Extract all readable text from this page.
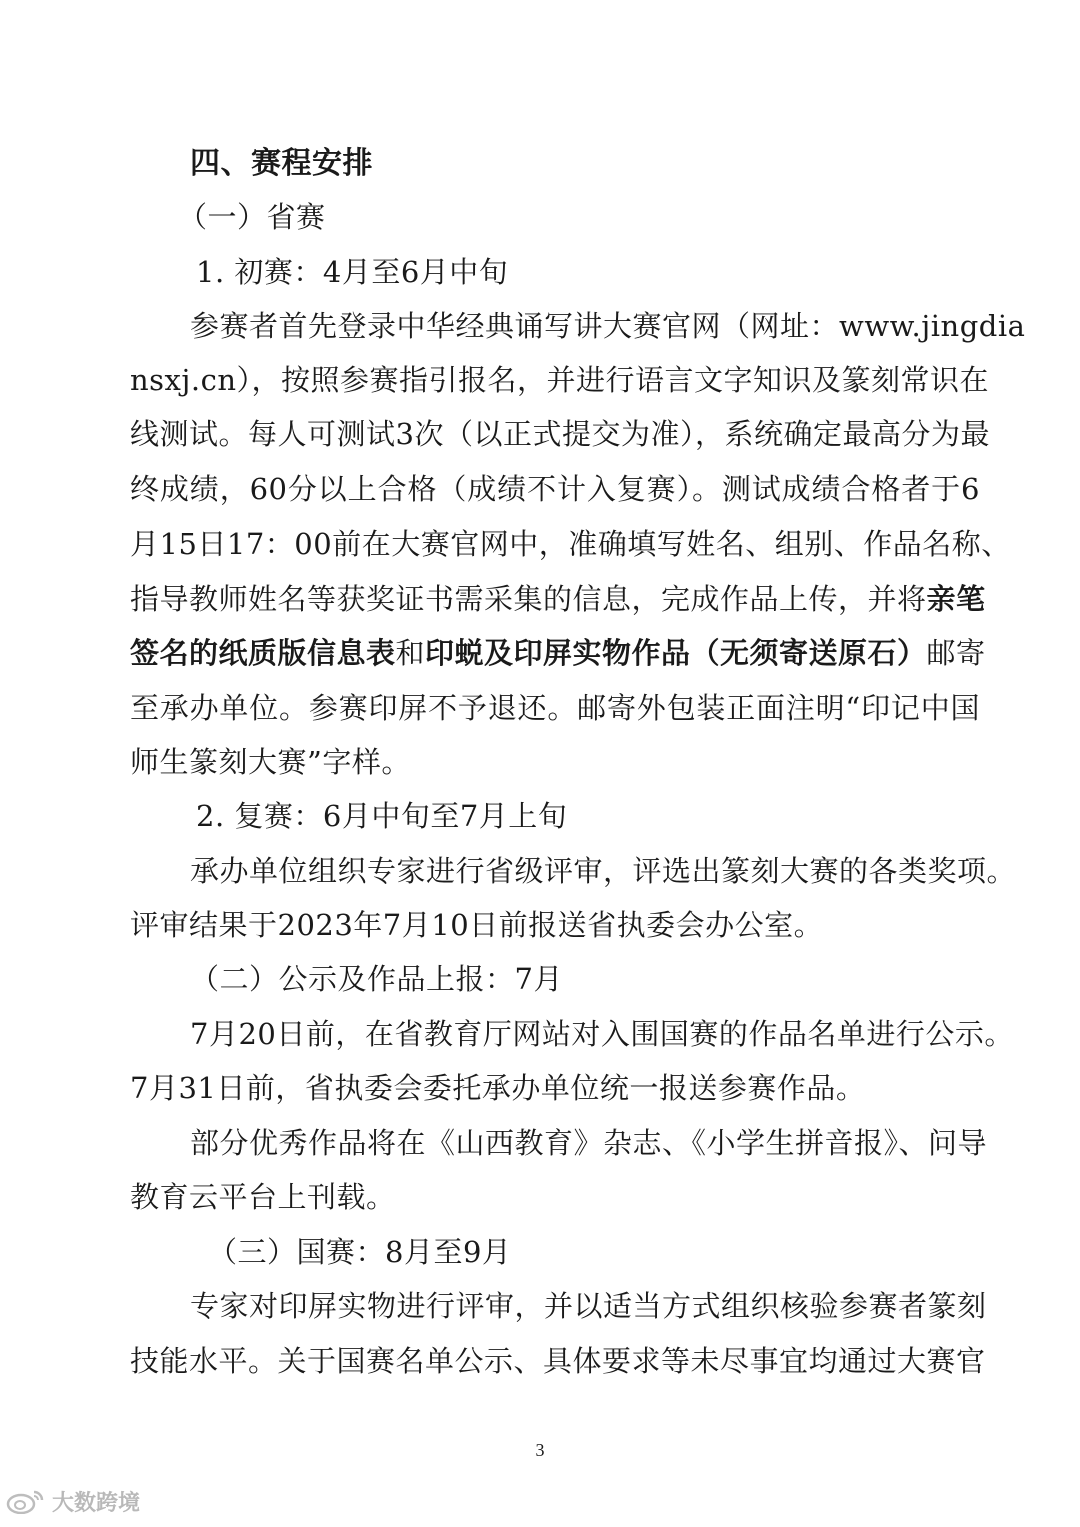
四、赛程安排
（一）省赛
1. 初赛：4月至6月中旬
参赛者首先登录中华经典诵写讲大赛官网（网址：www.jingdia
nsxj.cn），按照参赛指引报名，并进行语言文字知识及篆刻常识在
线测试。每人可测试3次（以正式提交为准），系统确定最高分为最
终成绩，60分以上合格（成绩不计入复赛）。测试成绩合格者于6
月15日17：00前在大赛官网中，准确填写姓名、组别、作品名称、
指导教师姓名等获奖证书需采集的信息，完成作品上传，并将亲笔
签名的纸质版信息表和印蜕及印屏实物作品（无须寄送原石）邮寄
至承办单位。参赛印屏不予退还。邮寄外包装正面注明“印记中国
师生篆刻大赛”字样。
2. 复赛：6月中旬至7月上旬
承办单位组织专家进行省级评审，评选出篆刻大赛的各类奖项。
评审结果于2023年7月10日前报送省执委会办公室。
（二）公示及作品上报：7月
7月20日前，在省教育厅网站对入围国赛的作品名单进行公示。
7月31日前，省执委会委托承办单位统一报送参赛作品。
部分优秀作品将在《山西教育》杂志、《小学生拼音报》、问导
教育云平台上刊载。
（三）国赛：8月至9月
专家对印屏实物进行评审，并以适当方式组织核验参赛者篆刻
技能水平。关于国赛名单公示、具体要求等未尽事宜均通过大赛官
3
大数跨境
